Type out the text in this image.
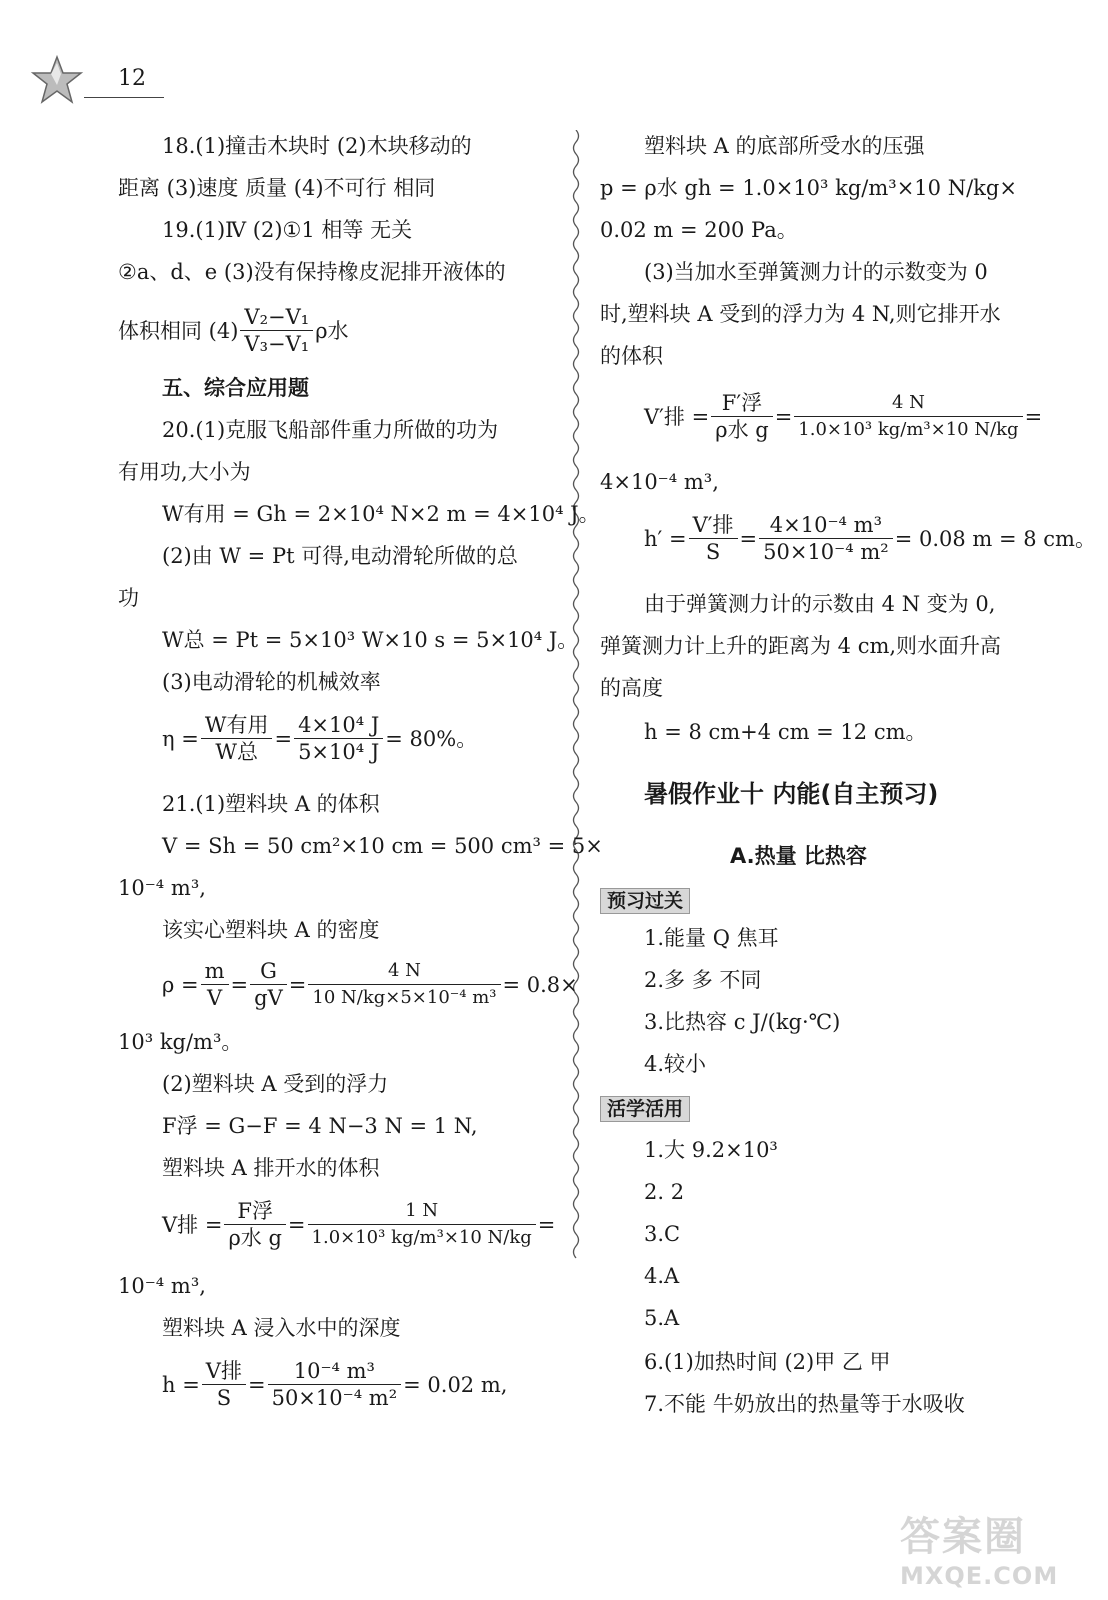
12
18.(1)撞击木块时 (2)木块移动的
距离 (3)速度 质量 (4)不可行 相同
19.(1)Ⅳ (2)①1 相等 无关
②a、d、e (3)没有保持橡皮泥排开液体的
体积相同 $(4) \frac{\text{V₂−V₁}}{\text{V₃−V₁}}$ ρ水
五、综合应用题
20.(1)克服飞船部件重力所做的功为
有用功,大小为
W有用 = Gh = 2×10⁴ N×2 m = 4×10⁴ J。
(2)由 W = Pt 可得,电动滑轮所做的总
功
W总 = Pt = 5×10³ W×10 s = 5×10⁴ J。
(3)电动滑轮的机械效率
$\eta = \frac{\text{W有用}}{\text{W总}} = \frac{\text{4×10⁴ J}}{\text{5×10⁴ J}} = 80\%$。
21.(1)塑料块 A 的体积
V = Sh = 50 cm²×10 cm = 500 cm³ = 5×
10⁻⁴ m³,
该实心塑料块 A 的密度
$\rho = \frac{m}{V} = \frac{G}{gV} = \frac{4 N}{\text{10 N/kg×5×10⁻⁴ m³}} = 0.8\times$
10³ kg/m³。
(2)塑料块 A 受到的浮力
F浮 = G−F = 4 N−3 N = 1 N,
塑料块 A 排开水的体积
V排 = $\frac{\text{F浮}}{\text{ρ水 g}} = \frac{1 N}{\text{1.0×10³ kg/m³×10 N/kg}}$ =
10⁻⁴ m³,
塑料块 A 浸入水中的深度
$h = \frac{\text{V排}}{S} = \frac{\text{10⁻⁴ m³}}{\text{50×10⁻⁴ m²}} = 0.02$ m,
塑料块 A 的底部所受水的压强
p = ρ水 gh = 1.0×10³ kg/m³×10 N/kg×
0.02 m = 200 Pa。
(3)当加水至弹簧测力计的示数变为 0
时,塑料块 A 受到的浮力为 4 N,则它排开水
的体积
V′排 = $\frac{\text{F′浮}}{\text{ρ水 g}} = \frac{4 N}{\text{1.0×10³ kg/m³×10 N/kg}}$ =
4×10⁻⁴ m³,
$h' = \frac{\text{V′排}}{S} = \frac{\text{4×10⁻⁴ m³}}{\text{50×10⁻⁴ m²}} = 0.08$ m = 8 cm。
由于弹簧测力计的示数由 4 N 变为 0,
弹簧测力计上升的距离为 4 cm,则水面升高
的高度
h = 8 cm+4 cm = 12 cm。
暑假作业十 内能(自主预习)
A.热量 比热容
预习过关
1.能量 Q 焦耳
2.多 多 不同
3.比热容 c J/(kg·℃)
4.较小
活学活用
1.大 9.2×10³
2. 2
3.C
4.A
5.A
6.(1)加热时间 (2)甲 乙 甲
7.不能 牛奶放出的热量等于水吸收
答案圈
MXQE.COM
